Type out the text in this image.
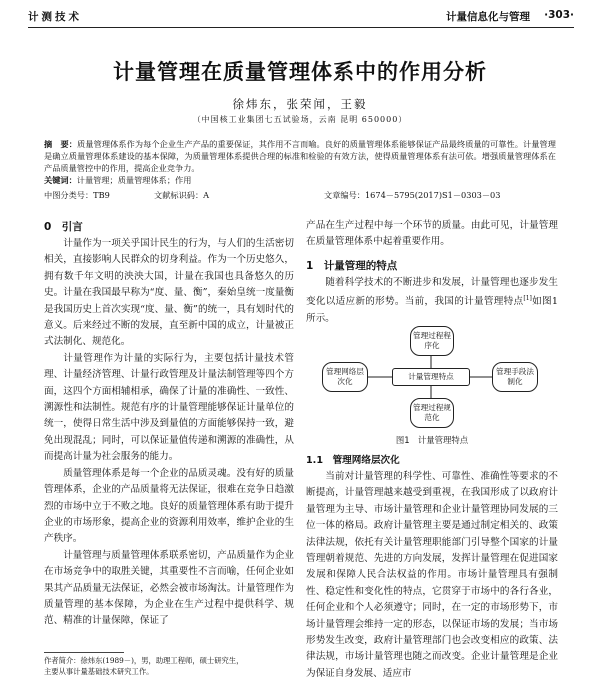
计测技术	计量信息化与管理 ·303·
计量管理在质量管理体系中的作用分析
徐炜东，张荣闻，王毅
（中国核工业集团七五试验场，云南 昆明 650000）
摘　要：质量管理体系作为每个企业生产产品的重要保证，其作用不言而喻。良好的质量管理体系能够保证产品最终质量的可靠性。计量管理是确立质量管理体系建设的基本保障，为质量管理体系提供合理的标准和检验的有效方法，使得质量管理体系有法可依。增强质量管理体系在产品质量管控中的作用，提高企业竞争力。
关键词：计量管理；质量管理体系；作用
中图分类号：TB9	文献标识码：A	文章编号：1674－5795(2017)S1－0303－03
0　引言

计量作为一项关乎国计民生的行为，与人们的生活密切相关，直接影响人民群众的切身利益。作为一个历史悠久，拥有数千年文明的泱泱大国，计量在我国也具备悠久的历史。计量在我国最早称为“度、量、衡”，秦始皇统一度量衡是我国历史上首次实现“度、量、衡”的统一，具有划时代的意义。后来经过不断的发展，直至新中国的成立，计量被正式法制化、规范化。

计量管理作为计量的实际行为，主要包括计量技术管理、计量经济管理、计量行政管理及计量法制管理等四个方面，这四个方面相辅相承，确保了计量的准确性、一致性、溯源性和法制性。规范有序的计量管理能够保证计量单位的统一，使得日常生活中涉及到量值的方面能够保持一致，避免出现混乱；同时，可以保证量值传递和溯源的准确性，从而提高计量为社会服务的能力。

质量管理体系是每一个企业的品质灵魂。没有好的质量管理体系，企业的产品质量将无法保证，很难在竞争日趋激烈的市场中立于不败之地。良好的质量管理体系有助于提升企业的市场形象，提高企业的资源利用效率，维护企业的生产秩序。

计量管理与质量管理体系联系密切，产品质量作为企业在市场竞争中的取胜关键，其重要性不言而喻，任何企业如果其产品质量无法保证，必然会被市场淘汰。计量管理作为质量管理的基本保障，为企业在生产过程中提供科学、规范、精准的计量保障，保证了

产品在生产过程中每一个环节的质量。由此可见，计量管理在质量管理体系中起着重要作用。

1　计量管理的特点

随着科学技术的不断进步和发展，计量管理也逐步发生变化以适应新的形势。当前，我国的计量管理特点[1]如图1所示。

管理过程程序化
管理网络层次化
计量管理特点
管理手段法制化
管理过程规范化
图1　计量管理特点
1.1　管理网络层次化

当前对计量管理的科学性、可靠性、准确性等要求的不断提高，计量管理越来越受到重视，在我国形成了以政府计量管理为主导、市场计量管理和企业计量管理协同发展的三位一体的格局。政府计量管理主要是通过制定相关的、政策法律法规，依托有关计量管理职能部门引导整个国家的计量管理朝着规范、先进的方向发展，发挥计量管理在促进国家发展和保障人民合法权益的作用。市场计量管理具有强制性、稳定性和变化性的特点，它贯穿于市场中的各行各业，任何企业和个人必须遵守；同时，在一定的市场形势下，市场计量管理会维持一定的形态，以保证市场的发展；当市场形势发生改变，政府计量管理部门也会改变相应的政策、法律法规，市场计量管理也随之而改变。企业计量管理是企业为保证自身发展、适应市

作者简介：徐炜东(1989－)，男，助理工程师，硕士研究生，
主要从事计量基础技术研究工作。
